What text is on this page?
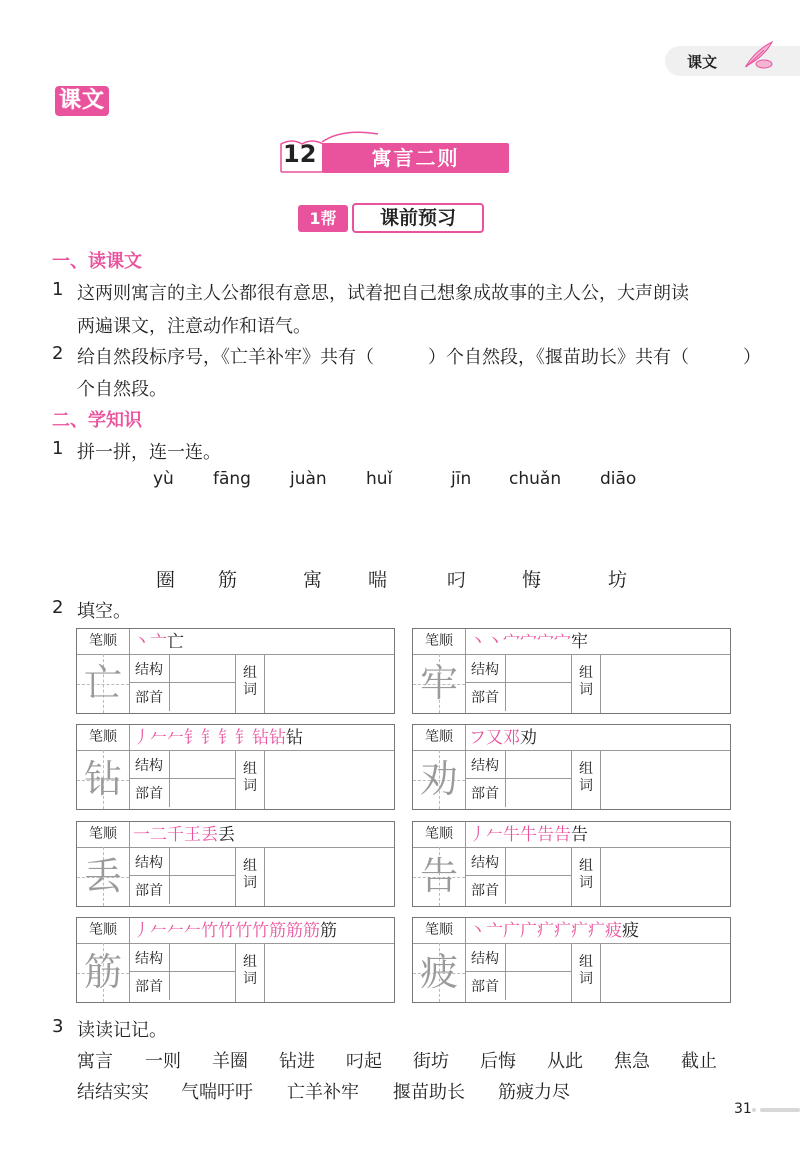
课文
课文
12	寓言二则
1帮	课前预习
一、读课文
1 这两则寓言的主人公都很有意思，试着把自己想象成故事的主人公，大声朗读
两遍课文，注意动作和语气。
2 给自然段标序号，《亡羊补牢》共有（　　　）个自然段，《揠苗助长》共有（　　　）
个自然段。
二、学知识
1 拼一拼，连一连。
yù fāng juàn huǐ	jīn chuǎn diāo
圈 筋	寓 喘	叼	悔	坊
2 填空。
笔顺 丶亠亡
亡 结构
部首
组
词
笔顺 丶丶宀宀宀宀牢
牢 结构
部首
组
词
笔顺 丿𠂉𠂉钅钅钅钅钻钻钻
钻 结构
部首
组
词
笔顺 フ又邓劝
劝 结构
部首
组
词
笔顺 一二千王丢丢
丢 结构
部首
组
词
笔顺 丿𠂉牛牛告告告
告 结构
部首
组
词
笔顺 丿𠂉𠂉𠂉竹竹竹竹筋筋筋筋
筋 结构
部首
组
词
笔顺 丶亠广广疒疒疒疒疲疲
疲 结构
部首
组
词
3 读读记记。
寓言 一则 羊圈 钻进 叼起 街坊 后悔 从此 焦急 截止
结结实实 气喘吁吁 亡羊补牢 揠苗助长 筋疲力尽
31
